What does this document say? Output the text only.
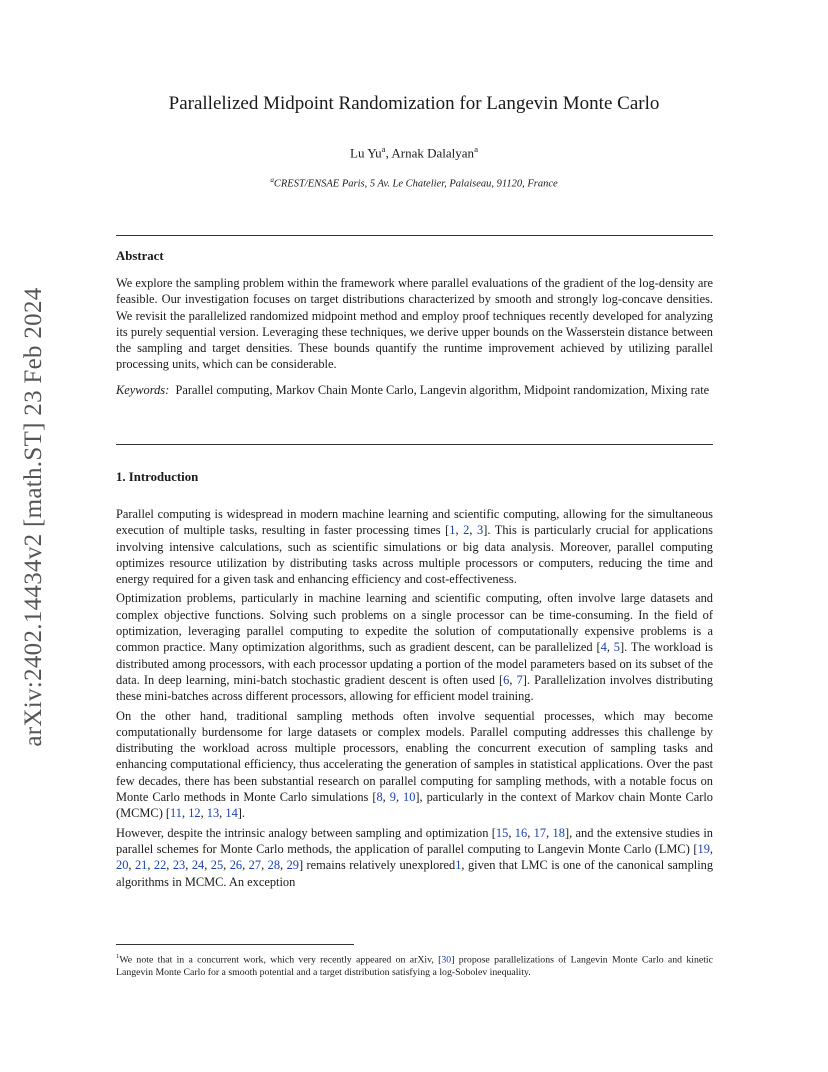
arXiv:2402.14434v2 [math.ST] 23 Feb 2024
Parallelized Midpoint Randomization for Langevin Monte Carlo
Lu Yu$^a$, Arnak Dalalyan$^a$
$^a$CREST/ENSAE Paris, 5 Av. Le Chatelier, Palaiseau, 91120, France
Abstract

We explore the sampling problem within the framework where parallel evaluations of the gradient of the log-density are feasible. Our investigation focuses on target distributions characterized by smooth and strongly log-concave densities. We revisit the parallelized randomized midpoint method and employ proof techniques recently developed for analyzing its purely sequential version. Leveraging these techniques, we derive upper bounds on the Wasserstein distance between the sampling and target densities. These bounds quantify the runtime improvement achieved by utilizing parallel processing units, which can be considerable.

Keywords: Parallel computing, Markov Chain Monte Carlo, Langevin algorithm, Midpoint randomization, Mixing rate

1. Introduction

Parallel computing is widespread in modern machine learning and scientific computing, allowing for the simultaneous execution of multiple tasks, resulting in faster processing times [1, 2, 3]. This is particularly crucial for applications involving intensive calculations, such as scientific simulations or big data analysis. Moreover, parallel computing optimizes resource utilization by distributing tasks across multiple processors or computers, reducing the time and energy required for a given task and enhancing efficiency and cost-effectiveness.

Optimization problems, particularly in machine learning and scientific computing, often involve large datasets and complex objective functions. Solving such problems on a single processor can be time-consuming. In the field of optimization, leveraging parallel computing to expedite the solution of computationally expensive problems is a common practice. Many optimization algorithms, such as gradient descent, can be parallelized [4, 5]. The workload is distributed among processors, with each processor updating a portion of the model parameters based on its subset of the data. In deep learning, mini-batch stochastic gradient descent is often used [6, 7]. Parallelization involves distributing these mini-batches across different processors, allowing for efficient model training.

On the other hand, traditional sampling methods often involve sequential processes, which may become computationally burdensome for large datasets or complex models. Parallel computing addresses this challenge by distributing the workload across multiple processors, enabling the concurrent execution of sampling tasks and enhancing computational efficiency, thus accelerating the generation of samples in statistical applications. Over the past few decades, there has been substantial research on parallel computing for sampling methods, with a notable focus on Monte Carlo methods in Monte Carlo simulations [8, 9, 10], particularly in the context of Markov chain Monte Carlo (MCMC) [11, 12, 13, 14].

However, despite the intrinsic analogy between sampling and optimization [15, 16, 17, 18], and the extensive studies in parallel schemes for Monte Carlo methods, the application of parallel computing to Langevin Monte Carlo (LMC) [19, 20, 21, 22, 23, 24, 25, 26, 27, 28, 29] remains relatively unexplored1, given that LMC is one of the canonical sampling algorithms in MCMC. An exception

$^1$We note that in a concurrent work, which very recently appeared on arXiv, [30] propose parallelizations of Langevin Monte Carlo and kinetic Langevin Monte Carlo for a smooth potential and a target distribution satisfying a log-Sobolev inequality.
